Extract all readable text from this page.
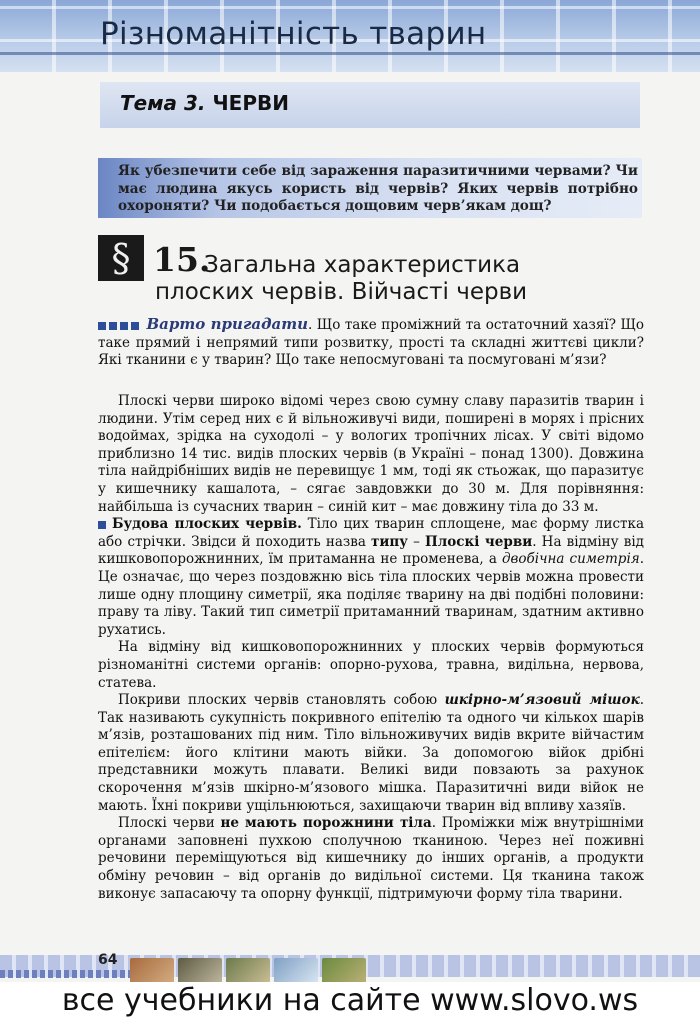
Різноманітність тварин
Тема 3. ЧЕРВИ
Як убезпечити себе від зараження паразитичними червами? Чи має людина якусь користь від червів? Яких червів потрібно охороняти? Чи подобається дощовим черв’якам дощ?
§ 15.
Загальна характеристика
плоских червів. Війчасті черви

Варто пригадати. Що таке проміжний та остаточний хазяї? Що таке прямий і непрямий типи розвитку, прості та складні життєві цикли? Які тканини є у тварин? Що таке непосмуговані та посмуговані м’язи?

Плоскі черви широко відомі через свою сумну славу паразитів тварин і людини. Утім серед них є й вільноживучі види, поширені в морях і прісних водоймах, зрідка на суходолі – у вологих тропічних лісах. У світі відомо приблизно 14 тис. видів плоских червів (в Україні – понад 1300). Довжина тіла найдрібніших видів не перевищує 1 мм, тоді як стьожак, що паразитує у кишечнику кашалота, – сягає завдовжки до 30 м. Для порівняння: найбільша із сучасних тварин – синій кит – має довжину тіла до 33 м.

Будова плоских червів. Тіло цих тварин сплощене, має форму листка або стрічки. Звідси й походить назва типу – Плоскі черви. На відміну від кишковопорожнинних, їм притаманна не променева, а двобічна симетрія. Це означає, що через поздовжню вісь тіла плоских червів можна провести лише одну площину симетрії, яка поділяє тварину на дві подібні половини: праву та ліву. Такий тип симетрії притаманний тваринам, здатним активно рухатись.

На відміну від кишковопорожнинних у плоских червів формуються різноманітні системи органів: опорно-рухова, травна, видільна, нервова, статева.

Покриви плоских червів становлять собою шкірно-м’язовий мішок. Так називають сукупність покривного епітелію та одного чи кількох шарів м’язів, розташованих під ним. Тіло вільноживучих видів вкрите війчастим епітелієм: його клітини мають війки. За допомогою війок дрібні представники можуть плавати. Великі види повзають за рахунок скорочення м’язів шкірно-м’язового мішка. Паразитичні види війок не мають. Їхні покриви ущільнюються, захищаючи тварин від впливу хазяїв.

Плоскі черви не мають порожнини тіла. Проміжки між внутрішніми органами заповнені пухкою сполучною тканиною. Через неї поживні речовини переміщуються від кишечнику до інших органів, а продукти обміну речовин – від органів до видільної системи. Ця тканина також виконує запасаючу та опорну функції, підтримуючи форму тіла тварини.

64
все учебники на сайте www.slovo.ws
